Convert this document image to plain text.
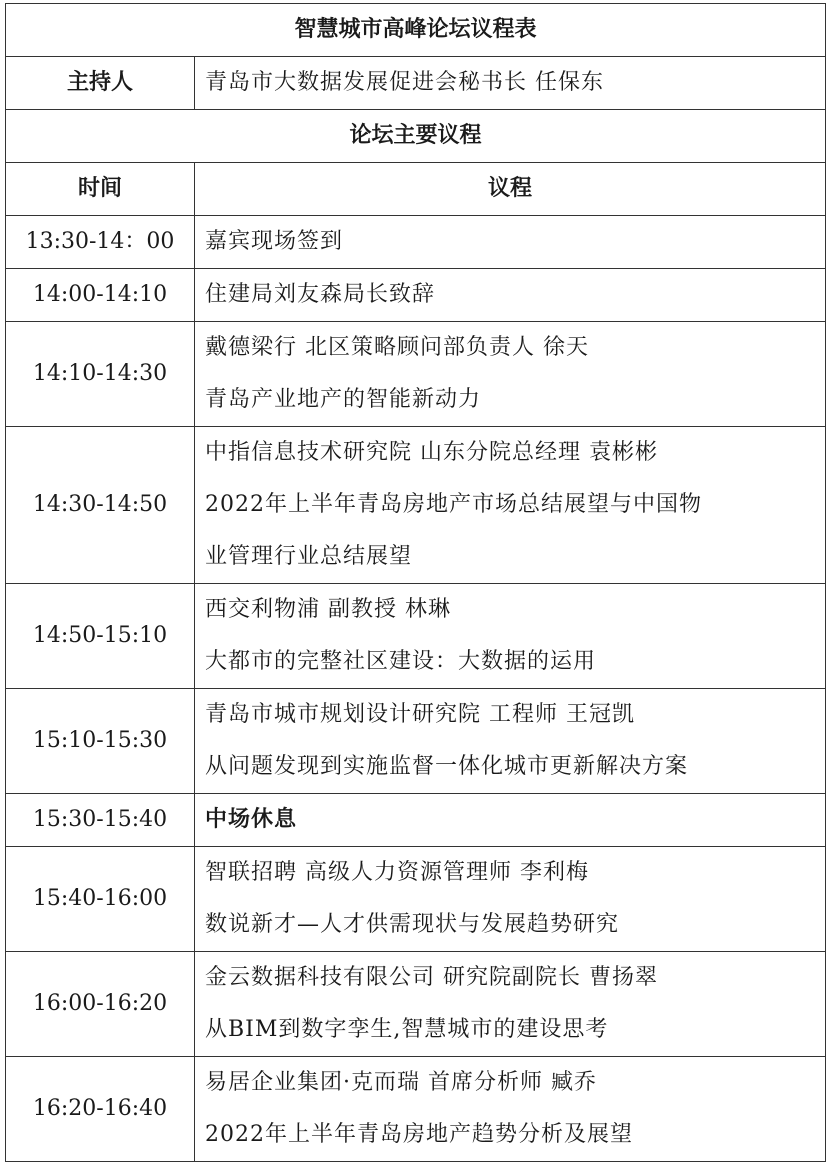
智慧城市高峰论坛议程表	
主持人	青岛市大数据发展促进会秘书长 任保东
论坛主要议程	
时间	议程
13:30-14：00	嘉宾现场签到

14:00-14:10	住建局刘友森局长致辞

14:10-14:30	戴德梁行 北区策略顾问部负责人 徐天
青岛产业地产的智能新动力

14:30-14:50	中指信息技术研究院 山东分院总经理 袁彬彬
2022年上半年青岛房地产市场总结展望与中国物
业管理行业总结展望

14:50-15:10	西交利物浦 副教授 林琳
大都市的完整社区建设：大数据的运用

15:10-15:30	青岛市城市规划设计研究院 工程师 王冠凯
从问题发现到实施监督一体化城市更新解决方案

15:30-15:40	中场休息

15:40-16:00	智联招聘 高级人力资源管理师 李利梅
数说新才—人才供需现状与发展趋势研究

16:00-16:20	金云数据科技有限公司 研究院副院长 曹扬翠
从BIM到数字孪生,智慧城市的建设思考

16:20-16:40	易居企业集团·克而瑞 首席分析师 臧乔
2022年上半年青岛房地产趋势分析及展望
